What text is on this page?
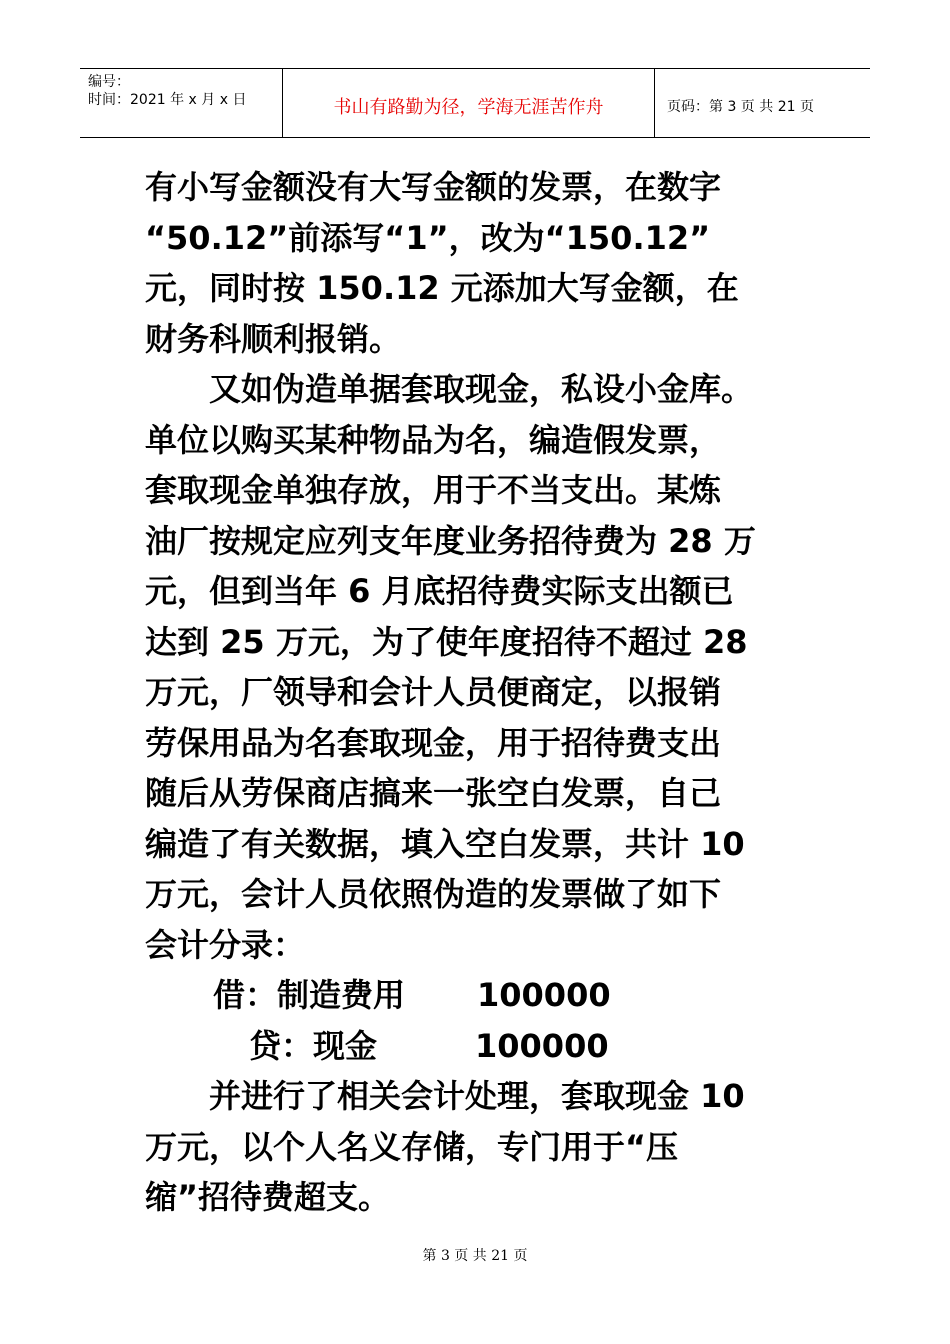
编号：
时间：2021 年 x 月 x 日	书山有路勤为径，学海无涯苦作舟	页码：第 3 页 共 21 页
有小写金额没有大写金额的发票，在数字
“50.12”前添写“1”，改为“150.12”
元，同时按 150.12 元添加大写金额，在
财务科顺利报销。
　　又如伪造单据套取现金，私设小金库。
单位以购买某种物品为名，编造假发票，
套取现金单独存放，用于不当支出。某炼
油厂按规定应列支年度业务招待费为 28 万
元，但到当年 6 月底招待费实际支出额已
达到 25 万元，为了使年度招待不超过 28
万元，厂领导和会计人员便商定，以报销
劳保用品为名套取现金，用于招待费支出
随后从劳保商店搞来一张空白发票，自己
编造了有关数据，填入空白发票，共计 10
万元，会计人员依照伪造的发票做了如下
会计分录：
借：制造费用	100000
贷：现金	100000
　　并进行了相关会计处理，套取现金 10
万元，以个人名义存储，专门用于“压
缩”招待费超支。
第 3 页 共 21 页
